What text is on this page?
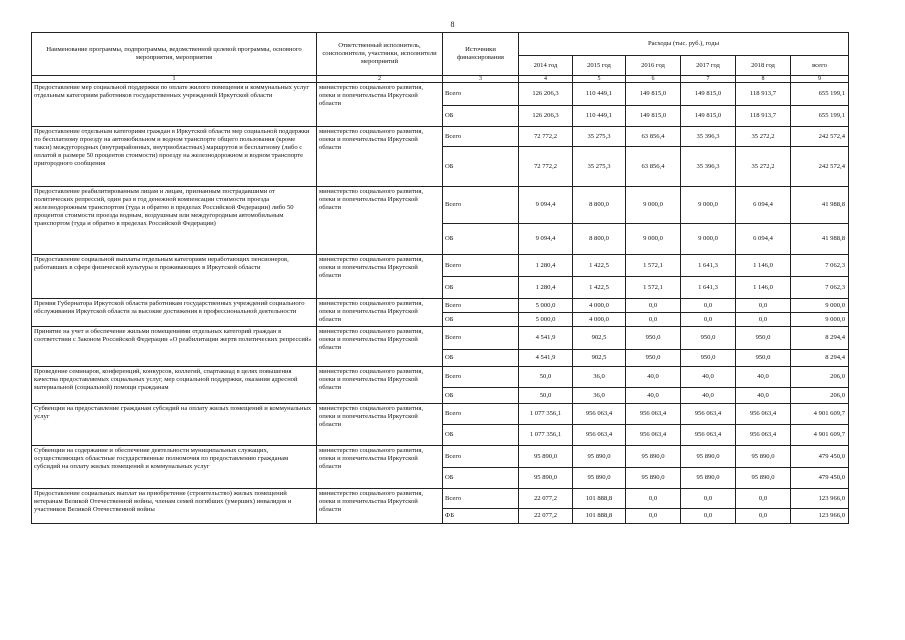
8
Наименование программы, подпрограммы, ведомственной целевой программы, основного мероприятия, мероприятия	Ответственный исполнитель, соисполнители, участники, исполнители мероприятий	Источники финансирования	Расходы (тыс. руб.), годы					
			2014 год	2015 год	2016 год	2017 год	2018 год	всего
1	2	3	4	5	6	7	8	9
Предоставление мер социальной поддержки по оплате жилого помещения и коммунальных услуг отдельным категориям работников государственных учреждений Иркутской области	министерство социального развития, опеки и попечительства Иркутской области	Всего	126 206,3	110 449,1	149 815,0	149 815,0	118 913,7	655 199,1
		ОБ	126 206,3	110 449,1	149 815,0	149 815,0	118 913,7	655 199,1
Предоставление отдельным категориям граждан в Иркутской области мер социальной поддержки по бесплатному проезду на автомобильном и водном транспорте общего пользования (кроме такси) междугородных (внутрирайонных, внутриобластных) маршрутов и бесплатному (либо с оплатой в размере 50 процентов стоимости) проезду на железнодорожном и водном транспорте пригородного сообщения	министерство социального развития, опеки и попечительства Иркутской области	Всего	72 772,2	35 275,3	63 856,4	35 396,3	35 272,2	242 572,4
		ОБ	72 772,2	35 275,3	63 856,4	35 396,3	35 272,2	242 572,4
Предоставление реабилитированным лицам и лицам, признанным пострадавшими от политических репрессий, один раз в год денежной компенсации стоимости проезда железнодорожным транспортом (туда и обратно в пределах Российской Федерации) либо 50 процентов стоимости проезда водным, воздушным или междугородным автомобильным транспортом (туда и обратно в пределах Российской Федерации)	министерство социального развития, опеки и попечительства Иркутской области	Всего	9 094,4	8 800,0	9 000,0	9 000,0	6 094,4	41 988,8
		ОБ	9 094,4	8 800,0	9 000,0	9 000,0	6 094,4	41 988,8
Предоставление социальной выплаты отдельным категориям неработающих пенсионеров, работавших в сфере физической культуры и проживающих в Иркутской области	министерство социального развития, опеки и попечительства Иркутской области	Всего	1 280,4	1 422,5	1 572,1	1 641,3	1 146,0	7 062,3
		ОБ	1 280,4	1 422,5	1 572,1	1 641,3	1 146,0	7 062,3
Премия Губернатора Иркутской области работникам государственных учреждений социального обслуживания Иркутской области за высокие достижения в профессиональной деятельности	министерство социального развития, опеки и попечительства Иркутской области	Всего	5 000,0	4 000,0	0,0	0,0	0,0	9 000,0
		ОБ	5 000,0	4 000,0	0,0	0,0	0,0	9 000,0
Принятие на учет и обеспечение жильми помещениями отдельных категорий граждан в соответствии с Законом Российской Федерации «О реабилитации жертв политических репрессий»	министерство социального развития, опеки и попечительства Иркутской области	Всего	4 541,9	902,5	950,0	950,0	950,0	8 294,4
		ОБ	4 541,9	902,5	950,0	950,0	950,0	8 294,4
Проведение семинаров, конференций, конкурсов, коллегий, спартакиад в целях повышения качества предоставляемых социальных услуг, мер социальной поддержки, оказания адресной материальной (социальной) помощи гражданам	министерство социального развития, опеки и попечительства Иркутской области	Всего	50,0	36,0	40,0	40,0	40,0	206,0
		ОБ	50,0	36,0	40,0	40,0	40,0	206,0
Субвенции на предоставление гражданам субсидий на оплату жилых помещений и коммунальных услуг	министерство социального развития, опеки и попечительства Иркутской области	Всего	1 077 356,1	956 063,4	956 063,4	956 063,4	956 063,4	4 901 609,7
		ОБ	1 077 356,1	956 063,4	956 063,4	956 063,4	956 063,4	4 901 609,7
Субвенции на содержание и обеспечение деятельности муниципальных служащих, осуществляющих областные государственные полномочия по предоставлению гражданам субсидий на оплату жилых помещений и коммунальных услуг	министерство социального развития, опеки и попечительства Иркутской области	Всего	95 890,0	95 890,0	95 890,0	95 890,0	95 890,0	479 450,0
		ОБ	95 890,0	95 890,0	95 890,0	95 890,0	95 890,0	479 450,0
Предоставление социальных выплат на приобретение (строительство) жилых помещений ветеранам Великой Отечественной войны, членам семей погибших (умерших) инвалидов и участников Великой Отечественной войны	министерство социального развития, опеки и попечительства Иркутской области	Всего	22 077,2	101 888,8	0,0	0,0	0,0	123 966,0
		ФБ	22 077,2	101 888,8	0,0	0,0	0,0	123 966,0
